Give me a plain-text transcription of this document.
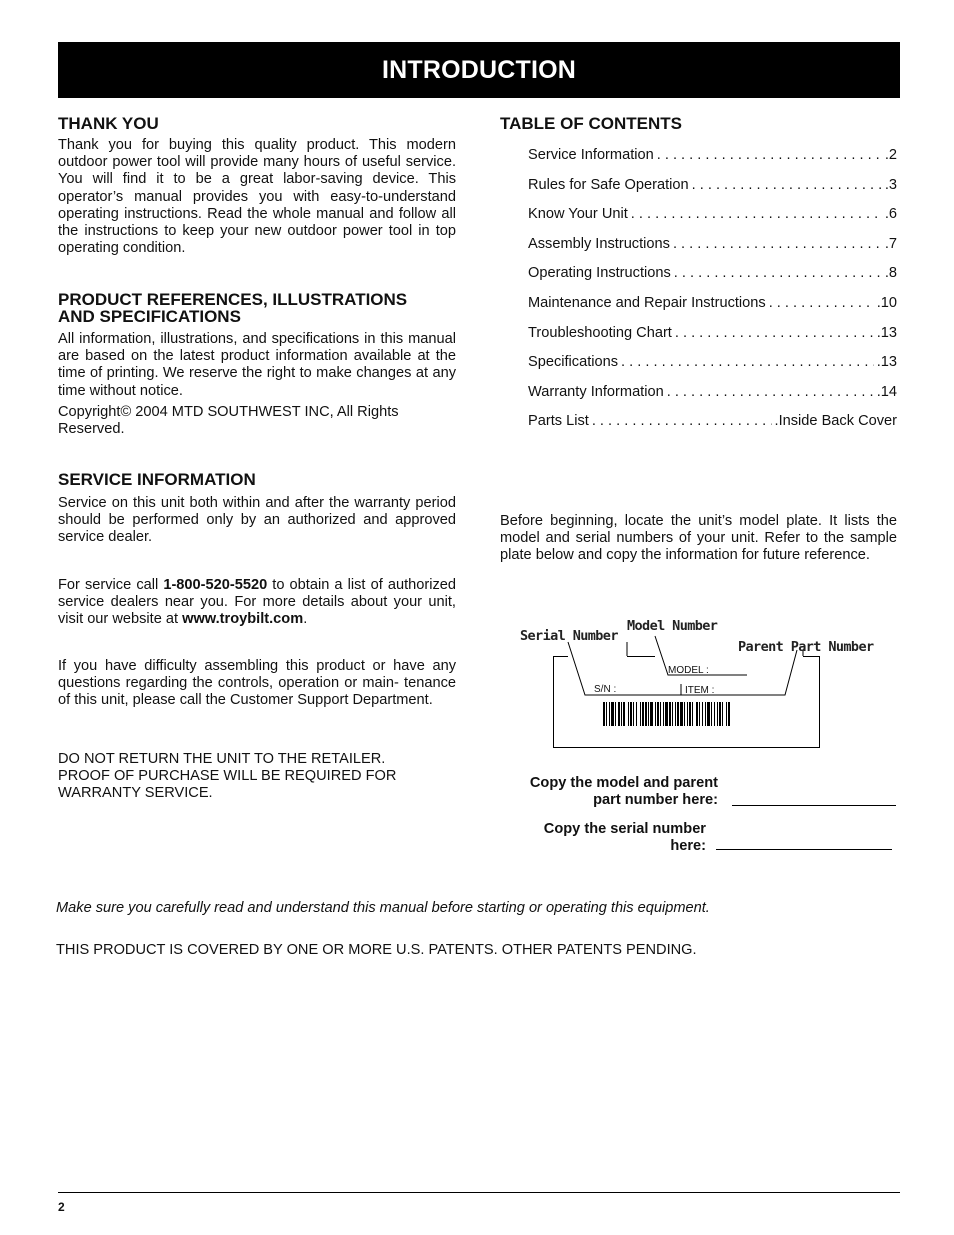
INTRODUCTION
THANK YOU

Thank you for buying this quality product. This modern outdoor power tool will provide many hours of useful service. You will find it to be a great labor-saving device. This operator’s manual provides you with easy-to-understand operating instructions. Read the whole manual and follow all the instructions to keep your new outdoor power tool in top operating condition.

PRODUCT REFERENCES, ILLUSTRATIONS
AND SPECIFICATIONS

All information, illustrations, and specifications in this manual are based on the latest product information available at the time of printing. We reserve the right to make changes at any time without notice.

Copyright© 2004 MTD SOUTHWEST INC, All Rights Reserved.

SERVICE INFORMATION

Service on this unit both within and after the warranty period should be performed only by an authorized and approved service dealer.

For service call 1-800-520-5520 to obtain a list of authorized service dealers near you. For more details about your unit, visit our website at www.troybilt.com.

If you have difficulty assembling this product or have any questions regarding the controls, operation or main- tenance of this unit, please call the Customer Support Department.

DO NOT RETURN THE UNIT TO THE RETAILER.
PROOF OF PURCHASE WILL BE REQUIRED FOR
WARRANTY SERVICE.

TABLE OF CONTENTS
Service Information . . .	.2
Rules for Safe Operation . . .	.3
Know Your Unit . . .	.6
Assembly Instructions . . .	.7
Operating Instructions . . .	.8
Maintenance and Repair Instructions . . .	.10
Troubleshooting Chart . . .	.13
Specifications . . .	.13
Warranty Information . . .	.14
Parts List . . .	.Inside Back Cover

Before beginning, locate the unit’s model plate. It lists the model and serial numbers of your unit. Refer to the sample plate below and copy the information for future reference.

Serial Number
Model Number
Parent Part Number
MODEL :
S/N :	ITEM :
Copy the model and parent
part number here:
Copy the serial number
here:
Make sure you carefully read and understand this manual before starting or operating this equipment.
THIS PRODUCT IS COVERED BY ONE OR MORE U.S. PATENTS. OTHER PATENTS PENDING.
2
